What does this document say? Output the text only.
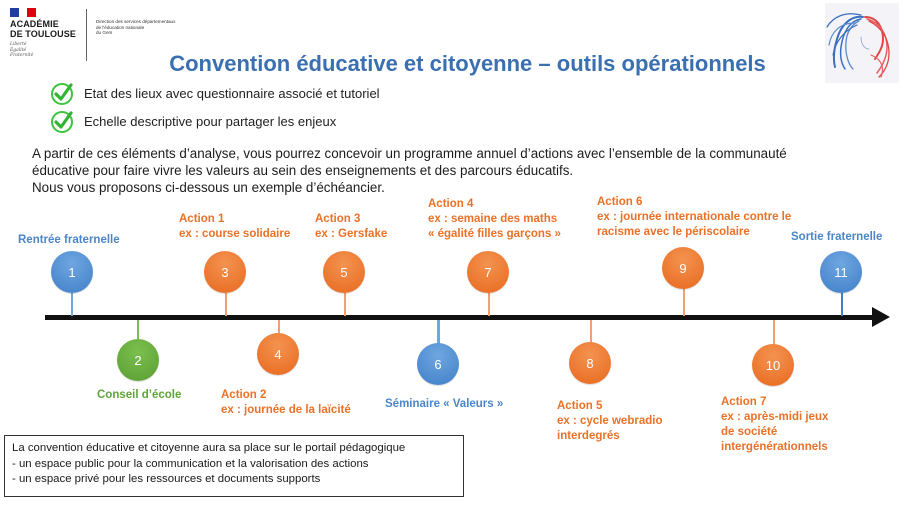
ACADÉMIE
DE TOULOUSE
Liberté
Égalité
Fraternité
Direction des services départementaux
de l'éducation nationale
du Gers
Convention éducative et citoyenne – outils opérationnels
Etat des lieux avec questionnaire associé et tutoriel
Echelle descriptive pour partager les enjeux
A partir de ces éléments d’analyse, vous pourrez concevoir un programme annuel d’actions avec l’ensemble de la communauté
éducative pour faire vivre les valeurs au sein des enseignements et des parcours éducatifs.
Nous vous proposons ci-dessous un exemple d’échéancier.
1
Rentrée fraternelle
2
Conseil d’école
3
Action 1
ex : course solidaire
4
Action 2
ex : journée de la laïcité
5
Action 3
ex : Gersfake
6
Séminaire « Valeurs »
7
Action 4
ex : semaine des maths
« égalité filles garçons »
8
Action 5
ex : cycle webradio
interdegrés
9
Action 6
ex : journée internationale contre le
racisme avec le périscolaire
10
Action 7
ex : après-midi jeux
de société
intergénérationnels
11
Sortie fraternelle
La convention éducative et citoyenne aura sa place sur le portail pédagogique
- un espace public pour la communication et la valorisation des actions
- un espace privé pour les ressources et documents supports
